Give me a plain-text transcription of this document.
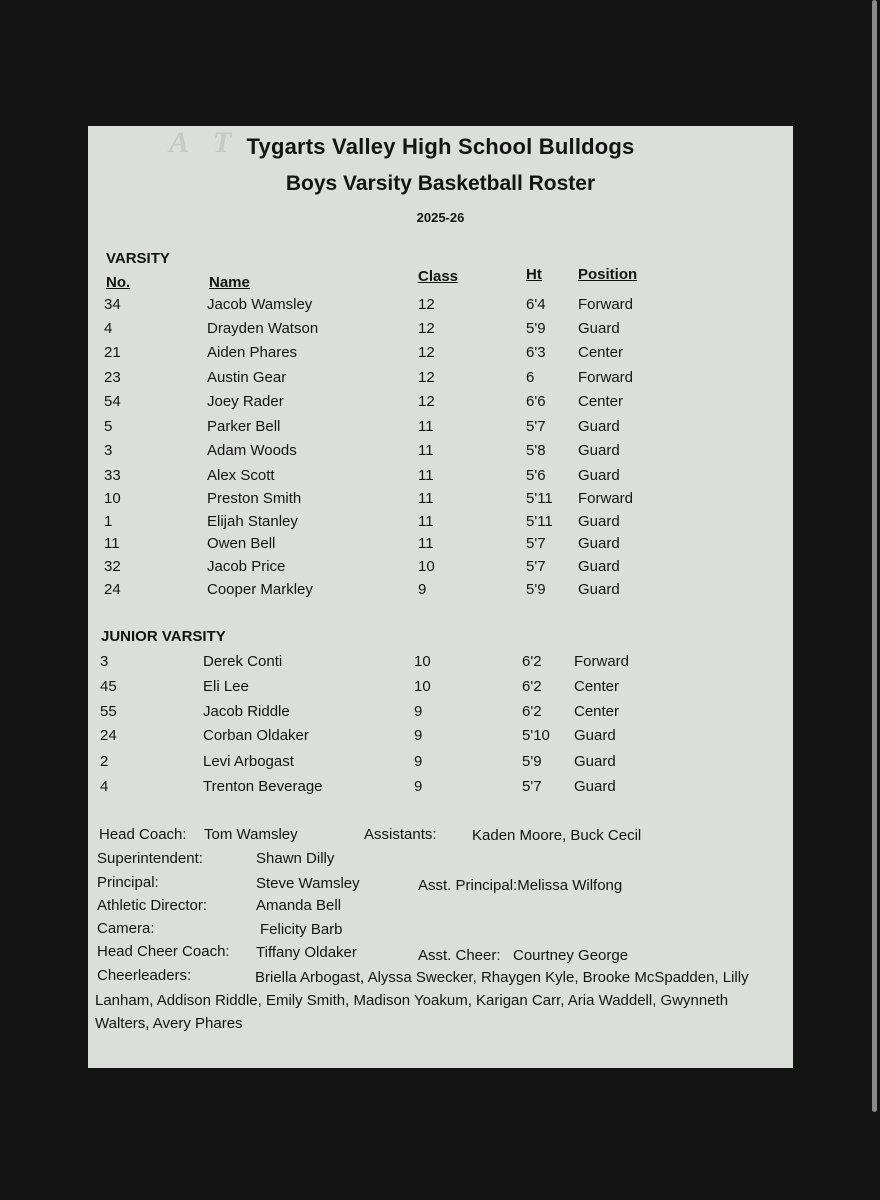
A  T Tygarts Valley High School Bulldogs
Boys Varsity Basketball Roster
2025-26
VARSITY
No.	Name	Class	Ht Position
34	Jacob Wamsley	12	6'4 Forward
4	Drayden Watson	12	5'9 Guard
21	Aiden Phares	12	6'3 Center
23	Austin Gear	12	6	Forward
54	Joey Rader	12	6'6 Center
5	Parker Bell	11	5'7 Guard
3	Adam Woods	11	5'8 Guard
33	Alex Scott	11	5'6 Guard
10	Preston Smith	11	5'11 Forward
1	Elijah Stanley	11	5'11 Guard
11	Owen Bell	11	5'7 Guard
32	Jacob Price	10	5'7 Guard
24	Cooper Markley	9	5'9 Guard
JUNIOR VARSITY
3	Derek Conti	10	6'2 Forward
45	Eli Lee	10	6'2 Center
55	Jacob Riddle	9	6'2 Center
24	Corban Oldaker	9	5'10 Guard
2	Levi Arbogast	9	5'9 Guard
4	Trenton Beverage	9	5'7 Guard
Head Coach: Tom Wamsley	Assistants: Kaden Moore, Buck Cecil
Superintendent:	Shawn Dilly
Principal:	Steve Wamsley	Asst. Principal:Melissa Wilfong
Athletic Director:	Amanda Bell
Camera:	Felicity Barb
Head Cheer Coach: Tiffany Oldaker	Asst. Cheer: Courtney George
Cheerleaders:	Briella Arbogast, Alyssa Swecker, Rhaygen Kyle, Brooke McSpadden, Lilly
Lanham, Addison Riddle, Emily Smith, Madison Yoakum, Karigan Carr, Aria Waddell, Gwynneth
Walters, Avery Phares
